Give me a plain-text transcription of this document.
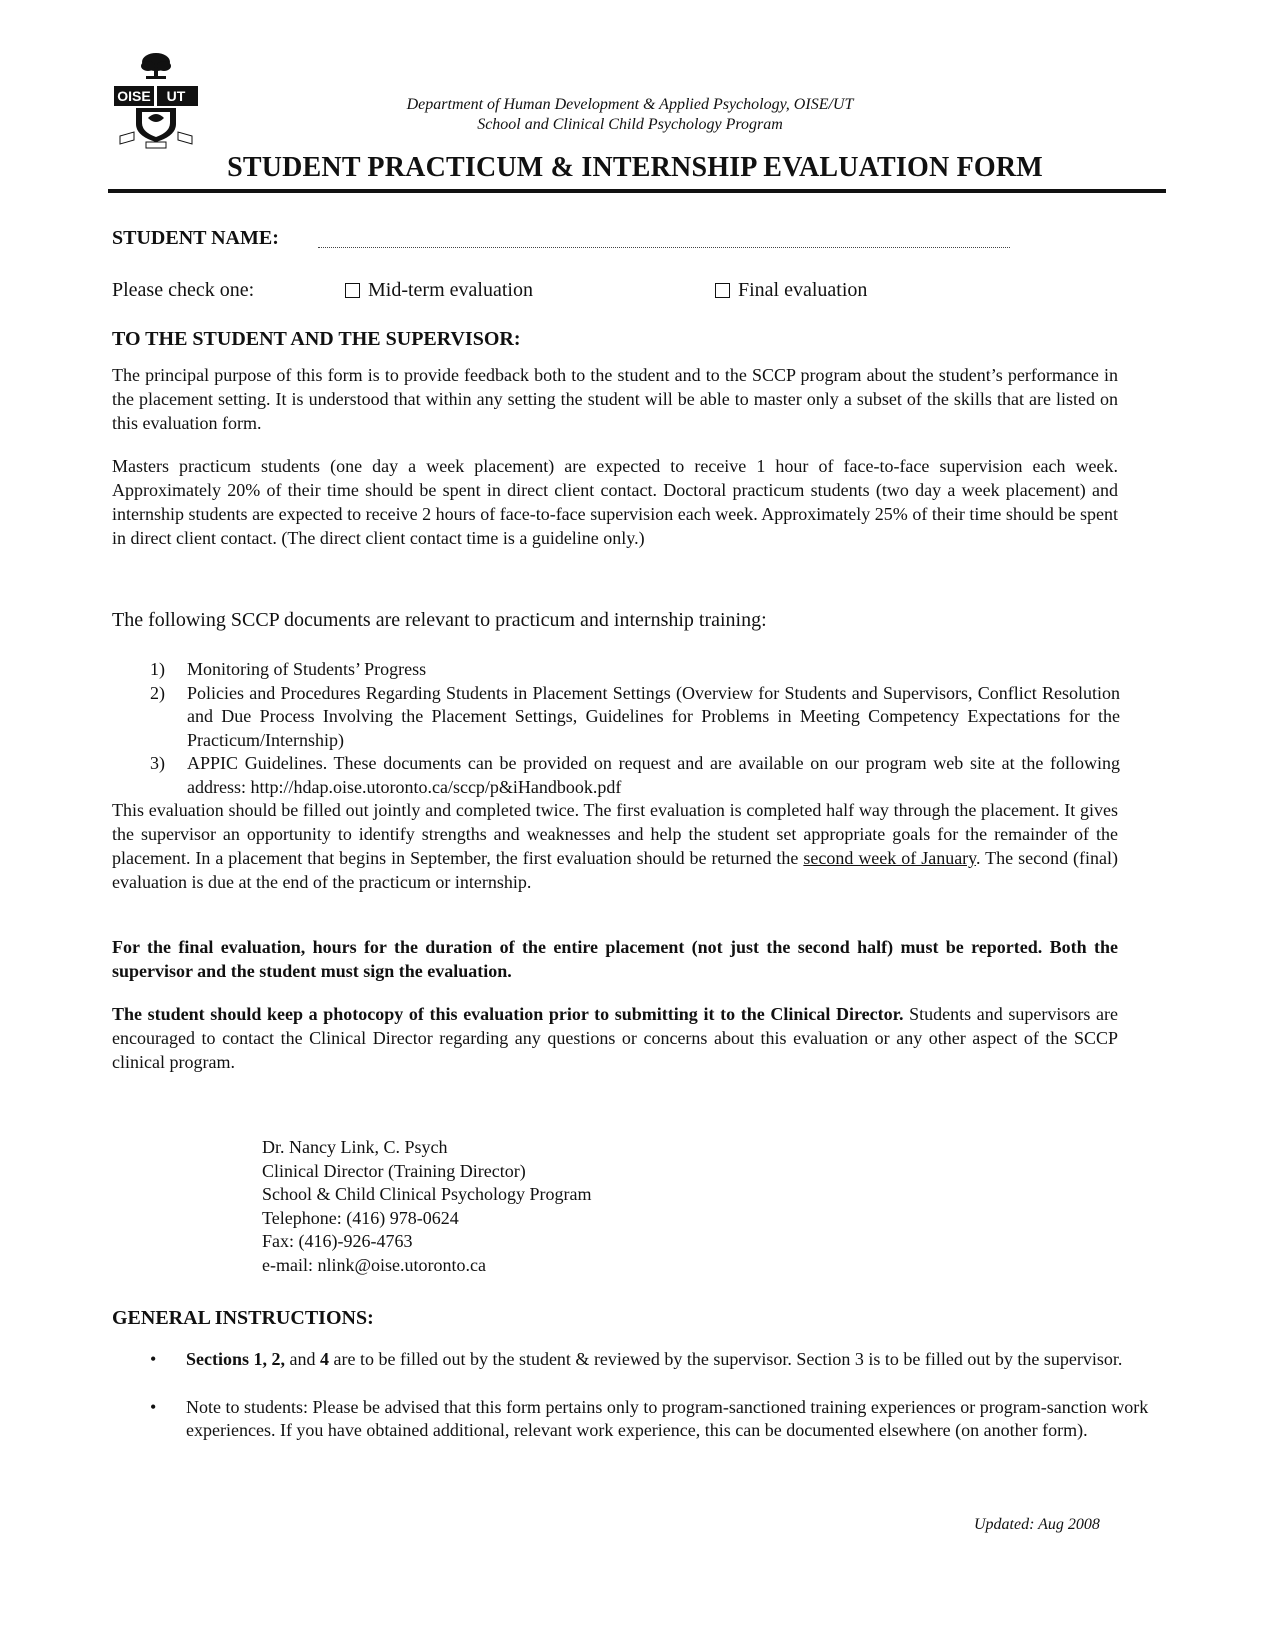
OISE UT	Department of Human Development & Applied Psychology, OISE/UT
School and Clinical Child Psychology Program
STUDENT PRACTICUM & INTERNSHIP EVALUATION FORM
STUDENT NAME:
Please check one:	Mid-term evaluation	Final evaluation
TO THE STUDENT AND THE SUPERVISOR:

The principal purpose of this form is to provide feedback both to the student and to the SCCP program about the student’s performance in the placement setting. It is understood that within any setting the student will be able to master only a subset of the skills that are listed on this evaluation form.

Masters practicum students (one day a week placement) are expected to receive 1 hour of face-to-face supervision each week. Approximately 20% of their time should be spent in direct client contact. Doctoral practicum students (two day a week placement) and internship students are expected to receive 2 hours of face-to-face supervision each week. Approximately 25% of their time should be spent in direct client contact. (The direct client contact time is a guideline only.)

The following SCCP documents are relevant to practicum and internship training:
1) Monitoring of Students’ Progress
2) Policies and Procedures Regarding Students in Placement Settings (Overview for Students and Supervisors, Conflict Resolution and Due Process Involving the Placement Settings, Guidelines for Problems in Meeting Competency Expectations for the Practicum/Internship)
3) APPIC Guidelines. These documents can be provided on request and are available on our program web site at the following address: http://hdap.oise.utoronto.ca/sccp/p&iHandbook.pdf

This evaluation should be filled out jointly and completed twice. The first evaluation is completed half way through the placement. It gives the supervisor an opportunity to identify strengths and weaknesses and help the student set appropriate goals for the remainder of the placement. In a placement that begins in September, the first evaluation should be returned the second week of January. The second (final) evaluation is due at the end of the practicum or internship.

For the final evaluation, hours for the duration of the entire placement (not just the second half) must be reported. Both the supervisor and the student must sign the evaluation.

The student should keep a photocopy of this evaluation prior to submitting it to the Clinical Director. Students and supervisors are encouraged to contact the Clinical Director regarding any questions or concerns about this evaluation or any other aspect of the SCCP clinical program.

Dr. Nancy Link, C. Psych
Clinical Director (Training Director)
School & Child Clinical Psychology Program
Telephone: (416) 978-0624
Fax: (416)-926-4763
e-mail: nlink@oise.utoronto.ca
GENERAL INSTRUCTIONS:
• Sections 1, 2, and 4 are to be filled out by the student & reviewed by the supervisor. Section 3 is to be filled out by the supervisor.
• Note to students: Please be advised that this form pertains only to program-sanctioned training experiences or program-sanction work experiences. If you have obtained additional, relevant work experience, this can be documented elsewhere (on another form).
Updated: Aug 2008
